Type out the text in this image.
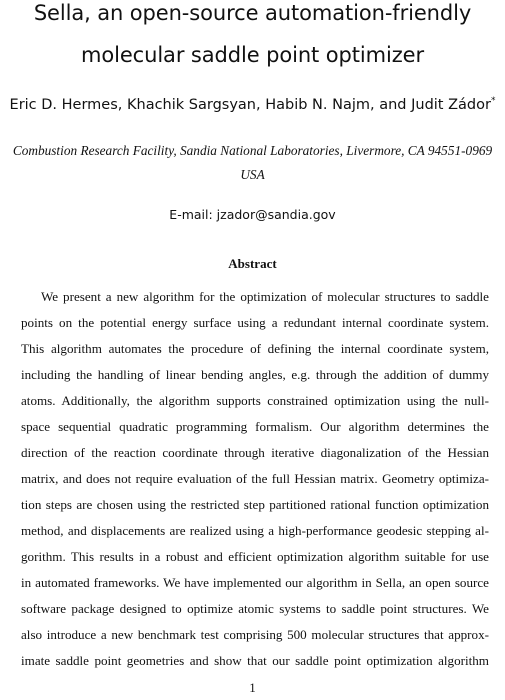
Sella, an open-source automation-friendly
molecular saddle point optimizer
Eric D. Hermes, Khachik Sargsyan, Habib N. Najm, and Judit Zádor*
Combustion Research Facility, Sandia National Laboratories, Livermore, CA 94551-0969
USA
E-mail: jzador@sandia.gov
Abstract
We present a new algorithm for the optimization of molecular structures to saddle
points on the potential energy surface using a redundant internal coordinate system.
This algorithm automates the procedure of defining the internal coordinate system,
including the handling of linear bending angles, e.g. through the addition of dummy
atoms. Additionally, the algorithm supports constrained optimization using the null-
space sequential quadratic programming formalism. Our algorithm determines the
direction of the reaction coordinate through iterative diagonalization of the Hessian
matrix, and does not require evaluation of the full Hessian matrix. Geometry optimiza-
tion steps are chosen using the restricted step partitioned rational function optimization
method, and displacements are realized using a high-performance geodesic stepping al-
gorithm. This results in a robust and efficient optimization algorithm suitable for use
in automated frameworks. We have implemented our algorithm in Sella, an open source
software package designed to optimize atomic systems to saddle point structures. We
also introduce a new benchmark test comprising 500 molecular structures that approx-
imate saddle point geometries and show that our saddle point optimization algorithm
1
